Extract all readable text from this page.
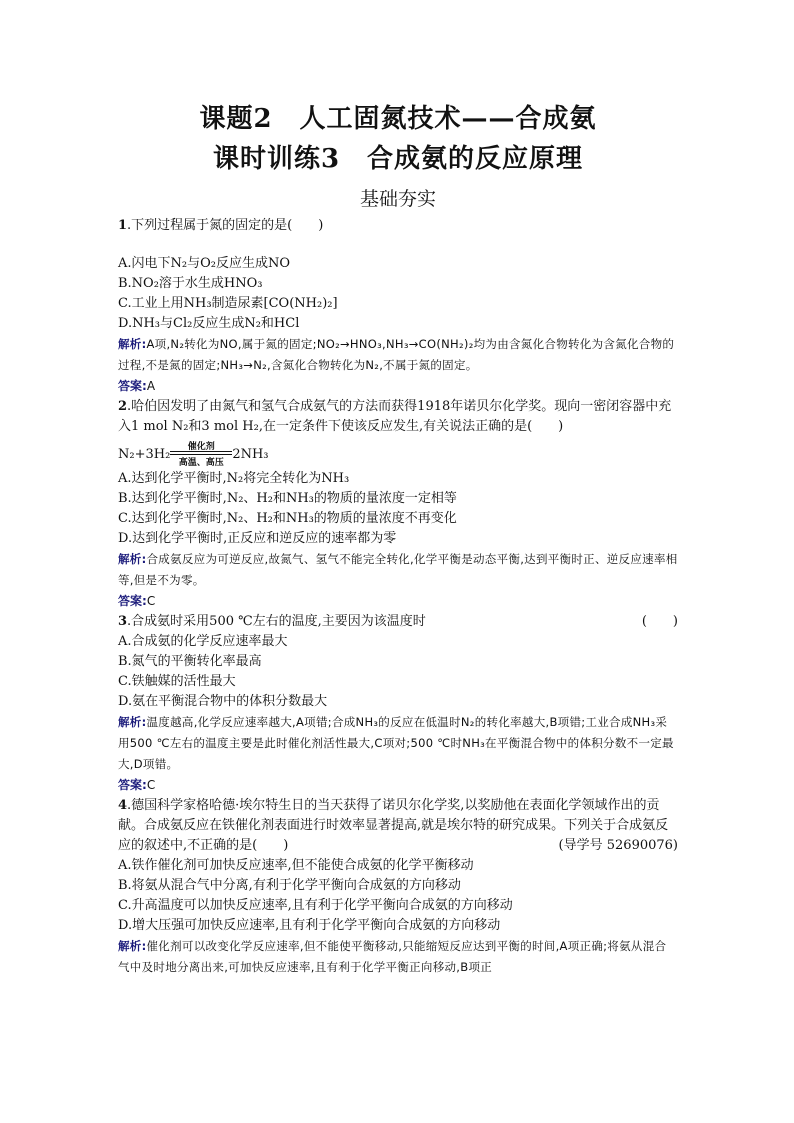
课题2　人工固氮技术——合成氨

课时训练3　合成氨的反应原理

基础夯实

1.下列过程属于氮的固定的是(　　)

A.闪电下N₂与O₂反应生成NO

B.NO₂溶于水生成HNO₃

C.工业上用NH₃制造尿素[CO(NH₂)₂]

D.NH₃与Cl₂反应生成N₂和HCl

解析:A项,N₂转化为NO,属于氮的固定;NO₂→HNO₃,NH₃→CO(NH₂)₂均为由含氮化合物转化为含氮化合物的过程,不是氮的固定;NH₃→N₂,含氮化合物转化为N₂,不属于氮的固定。

答案:A

2.哈伯因发明了由氮气和氢气合成氨气的方法而获得1918年诺贝尔化学奖。现向一密闭容器中充入1 mol N₂和3 mol H₂,在一定条件下使该反应发生,有关说法正确的是(　　)

N₂+3H₂	催化剂
高温、高压
2NH₃

A.达到化学平衡时,N₂将完全转化为NH₃

B.达到化学平衡时,N₂、H₂和NH₃的物质的量浓度一定相等

C.达到化学平衡时,N₂、H₂和NH₃的物质的量浓度不再变化

D.达到化学平衡时,正反应和逆反应的速率都为零

解析:合成氨反应为可逆反应,故氮气、氢气不能完全转化,化学平衡是动态平衡,达到平衡时正、逆反应速率相等,但是不为零。

答案:C

3.合成氨时采用500 ℃左右的温度,主要因为该温度时	(　　)

A.合成氨的化学反应速率最大

B.氮气的平衡转化率最高

C.铁触媒的活性最大

D.氨在平衡混合物中的体积分数最大

解析:温度越高,化学反应速率越大,A项错;合成NH₃的反应在低温时N₂的转化率越大,B项错;工业合成NH₃采用500 ℃左右的温度主要是此时催化剂活性最大,C项对;500 ℃时NH₃在平衡混合物中的体积分数不一定最大,D项错。

答案:C

4.德国科学家格哈德·埃尔特生日的当天获得了诺贝尔化学奖,以奖励他在表面化学领域作出的贡献。合成氨反应在铁催化剂表面进行时效率显著提高,就是埃尔特的研究成果。下列关于合成氨反应的叙述中,不正确的是(　　)	(导学号 52690076)

A.铁作催化剂可加快反应速率,但不能使合成氨的化学平衡移动

B.将氨从混合气中分离,有利于化学平衡向合成氨的方向移动

C.升高温度可以加快反应速率,且有利于化学平衡向合成氨的方向移动

D.增大压强可加快反应速率,且有利于化学平衡向合成氨的方向移动

解析:催化剂可以改变化学反应速率,但不能使平衡移动,只能缩短反应达到平衡的时间,A项正确;将氨从混合气中及时地分离出来,可加快反应速率,且有利于化学平衡正向移动,B项正
